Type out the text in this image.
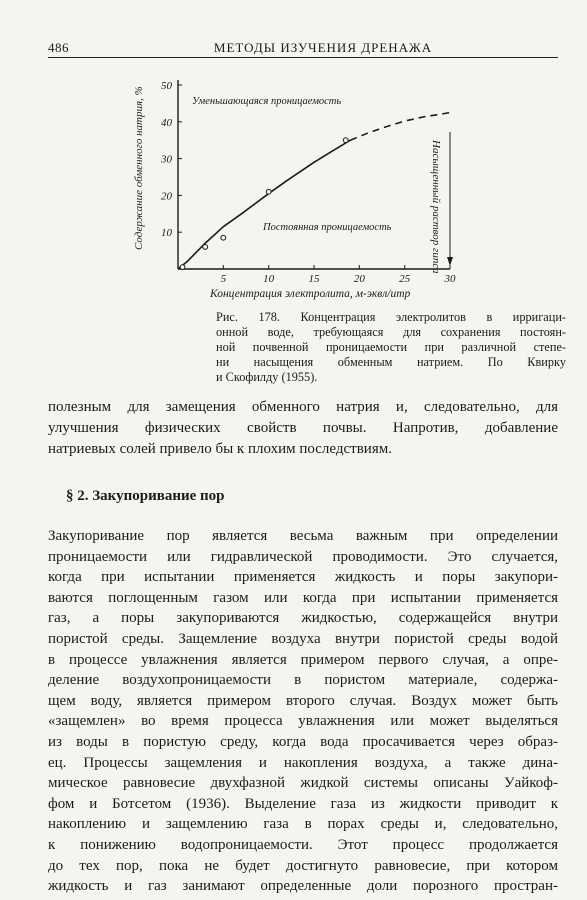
486	МЕТОДЫ ИЗУЧЕНИЯ ДРЕНАЖА
Содержание обменного натрия, %
Концентрация электролита, м-эквл/итр
Уменьшающаяся проницаемость
Постоянная проницаемость	Насыщенный раствор гипса
10
20
30
40
50
5	10	15	20	25	30
Рис. 178. Концентрация электролитов в ирригаци-
онной воде, требующаяся для сохранения постоян-
ной почвенной проницаемости при различной степе-
ни насыщения обменным натрием. По Квирку
и Скофилду (1955).
полезным для замещения обменного натрия и, следовательно, для
улучшения физических свойств почвы. Напротив, добавление
натриевых солей привело бы к плохим последствиям.
§ 2. Закупоривание пор
Закупоривание пор является весьма важным при определении
проницаемости или гидравлической проводимости. Это случается,
когда при испытании применяется жидкость и поры закупори-
ваются поглощенным газом или когда при испытании применяется
газ, а поры закупориваются жидкостью, содержащейся внутри
пористой среды. Защемление воздуха внутри пористой среды водой
в процессе увлажнения является примером первого случая, а опре-
деление воздухопроницаемости в пористом материале, содержа-
щем воду, является примером второго случая. Воздух может быть
«защемлен» во время процесса увлажнения или может выделяться
из воды в пористую среду, когда вода просачивается через образ-
ец. Процессы защемления и накопления воздуха, а также дина-
мическое равновесие двухфазной жидкой системы описаны Уайкоф-
фом и Ботсетом (1936). Выделение газа из жидкости приводит к
накоплению и защемлению газа в порах среды и, следовательно,
к понижению водопроницаемости. Этот процесс продолжается
до тех пор, пока не будет достигнуто равновесие, при котором
жидкость и газ занимают определенные доли порозного простран-
